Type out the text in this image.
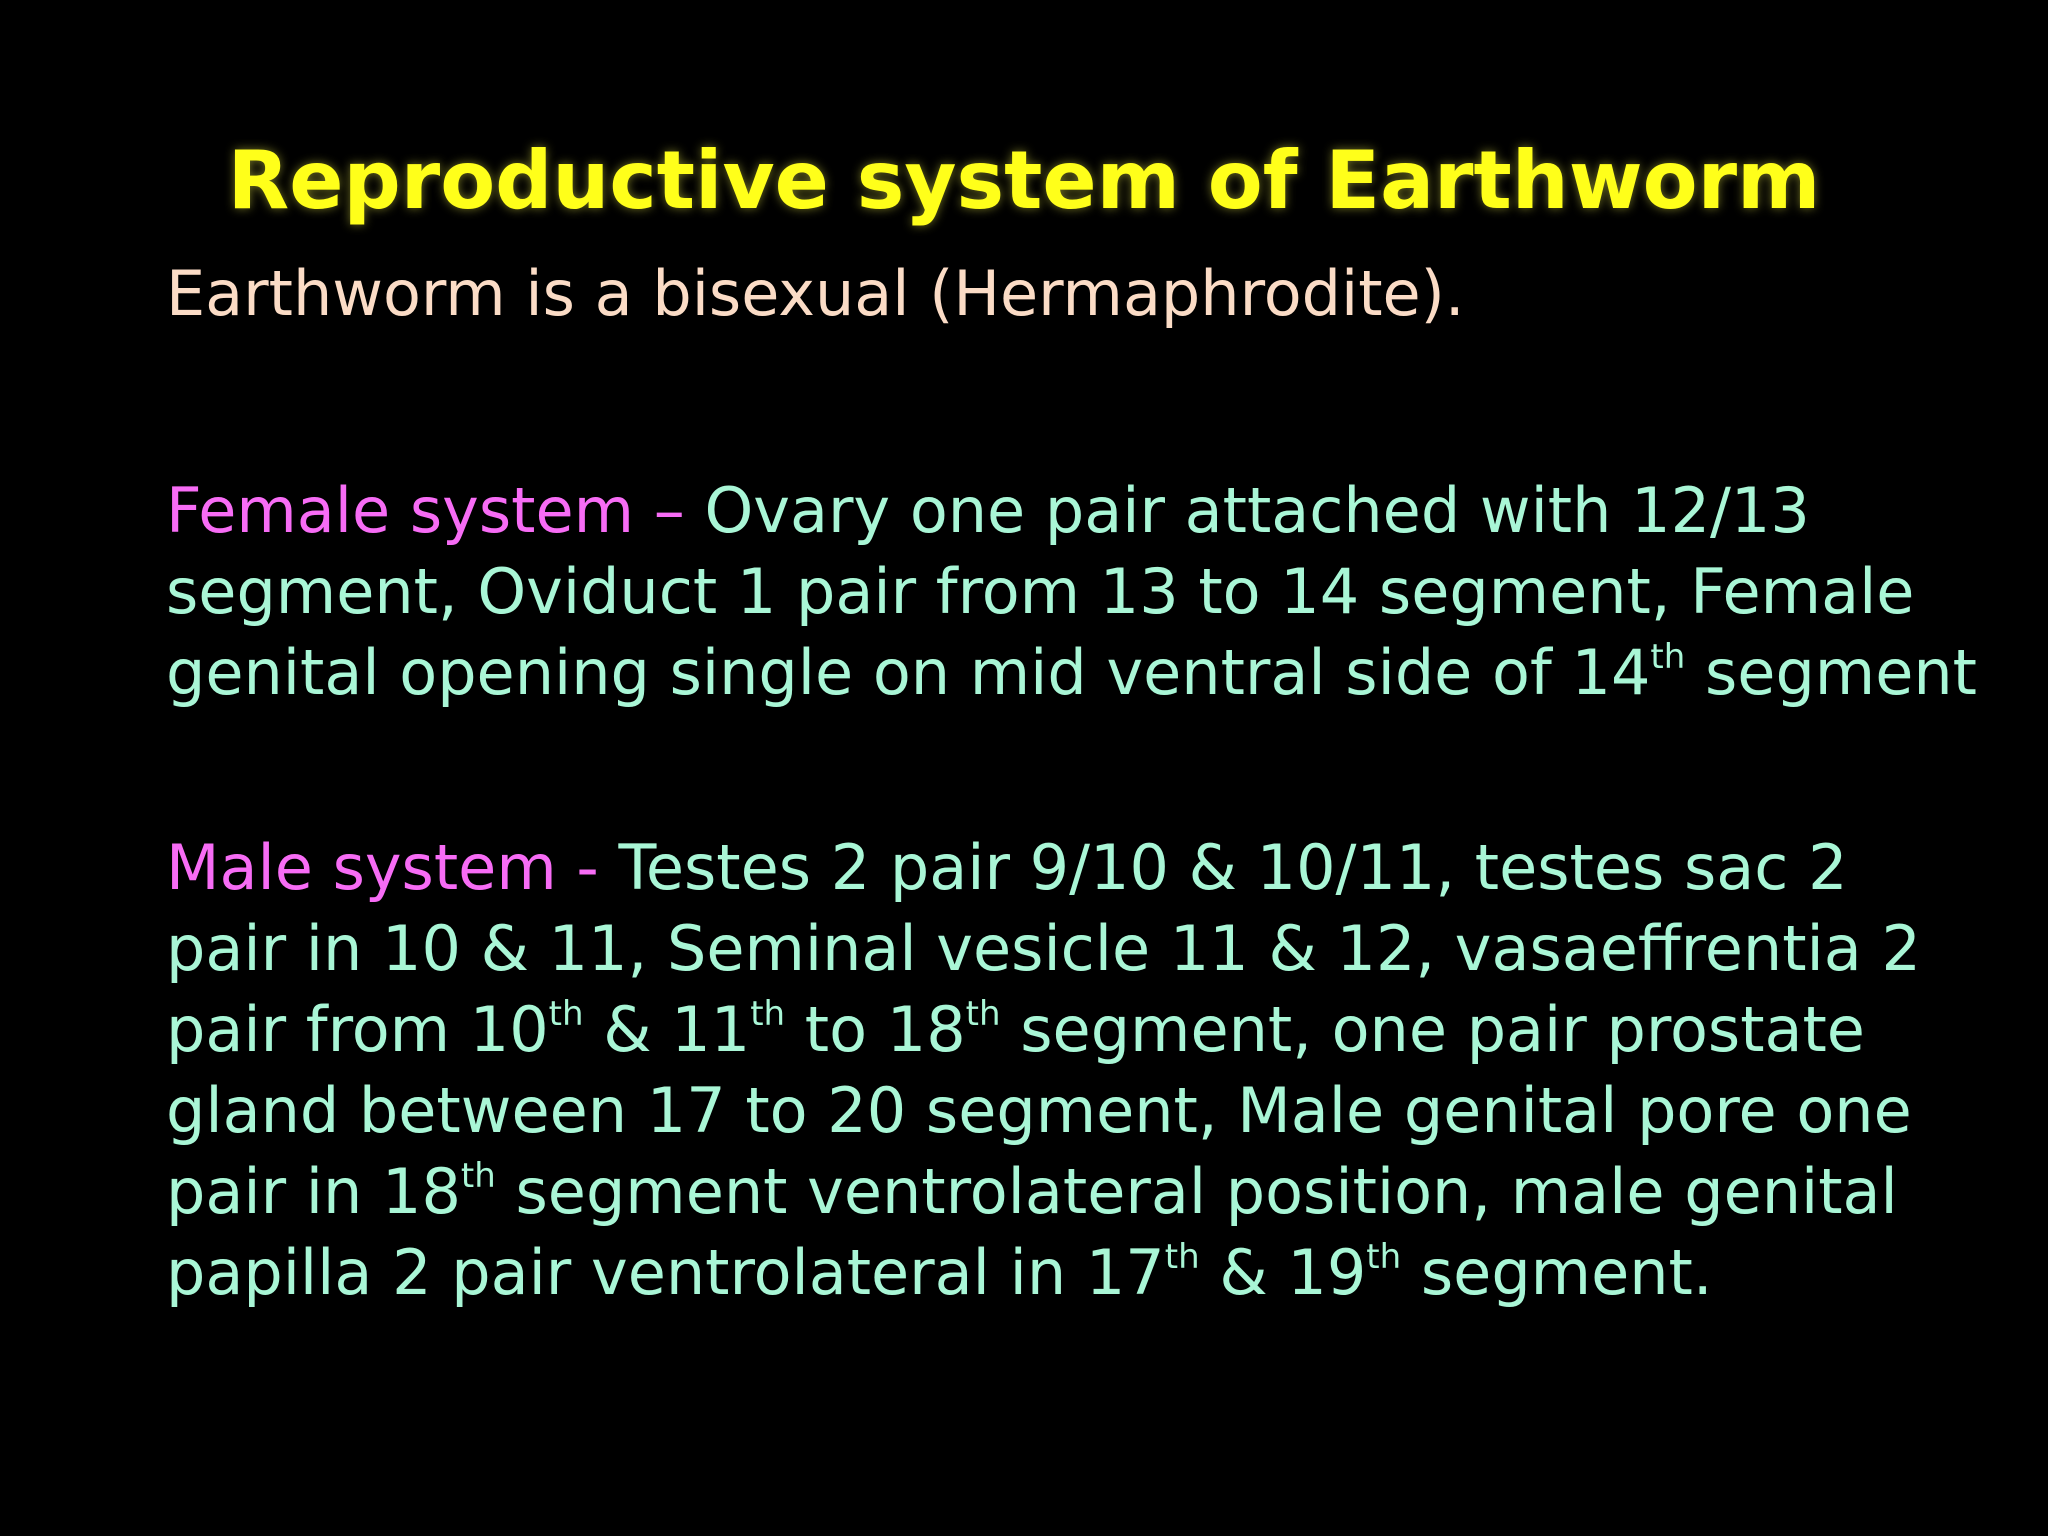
Reproductive system of Earthworm
Earthworm is a bisexual (Hermaphrodite).
Female system – Ovary one pair attached with 12/13
segment, Oviduct 1 pair from 13 to 14 segment, Female
genital opening single on mid ventral side of 14th segment
Male system - Testes 2 pair 9/10 & 10/11, testes sac 2
pair in 10 & 11, Seminal vesicle 11 & 12, vasaeffrentia 2
pair from 10th & 11th to 18th segment, one pair prostate
gland between 17 to 20 segment, Male genital pore one
pair in 18th segment ventrolateral position, male genital
papilla 2 pair ventrolateral in 17th & 19th segment.
